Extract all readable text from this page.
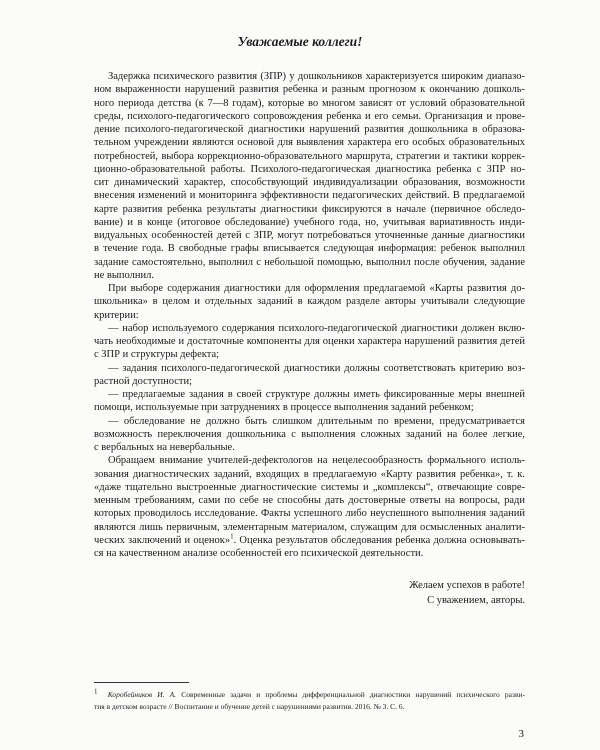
Уважаемые коллеги!
Задержка психического развития (ЗПР) у дошкольников характеризуется широким диапазо-
ном выраженности нарушений развития ребенка и разным прогнозом к окончанию дошколь-
ного периода детства (к 7—8 годам), которые во многом зависят от условий образовательной
среды, психолого-педагогического сопровождения ребенка и его семьи. Организация и прове-
дение психолого-педагогической диагностики нарушений развития дошкольника в образова-
тельном учреждении являются основой для выявления характера его особых образовательных
потребностей, выбора коррекционно-образовательного маршрута, стратегии и тактики коррек-
ционно-образовательной работы. Психолого-педагогическая диагностика ребенка с ЗПР но-
сит динамический характер, способствующий индивидуализации образования, возможности
внесения изменений и мониторинга эффективности педагогических действий. В предлагаемой
карте развития ребенка результаты диагностики фиксируются в начале (первичное обследо-
вание) и в конце (итоговое обследование) учебного года, но, учитывая вариативность инди-
видуальных особенностей детей с ЗПР, могут потребоваться уточненные данные диагностики
в течение года. В свободные графы вписывается следующая информация: ребенок выполнил
задание самостоятельно, выполнил с небольшой помощью, выполнил после обучения, задание
не выполнил.
При выборе содержания диагностики для оформления предлагаемой «Карты развития до-
школьника» в целом и отдельных заданий в каждом разделе авторы учитывали следующие
критерии:
— набор используемого содержания психолого-педагогической диагностики должен вклю-
чать необходимые и достаточные компоненты для оценки характера нарушений развития детей
с ЗПР и структуры дефекта;
— задания психолого-педагогической диагностики должны соответствовать критерию воз-
растной доступности;
— предлагаемые задания в своей структуре должны иметь фиксированные меры внешней
помощи, используемые при затруднениях в процессе выполнения заданий ребенком;
— обследование не должно быть слишком длительным по времени, предусматривается
возможность переключения дошкольника с выполнения сложных заданий на более легкие,
с вербальных на невербальные.
Обращаем внимание учителей-дефектологов на нецелесообразность формального исполь-
зования диагностических заданий, входящих в предлагаемую «Карту развития ребенка», т. к.
«даже тщательно выстроенные диагностические системы и „комплексы“, отвечающие совре-
менным требованиям, сами по себе не способны дать достоверные ответы на вопросы, ради
которых проводилось исследование. Факты успешного либо неуспешного выполнения заданий
являются лишь первичным, элементарным материалом, служащим для осмысленных аналити-
ческих заключений и оценок»$^1$. Оценка результатов обследования ребенка должна основывать-
ся на качественном анализе особенностей его психической деятельности.
Желаем успехов в работе!
С уважением, авторы.
$^1$ Коробейников И. А. Современные задачи и проблемы дифференциальной диагностики нарушений психического разви-
тия в детском возрасте // Воспитание и обучение детей с нарушениями развития. 2016. № 3. С. 6.
3
